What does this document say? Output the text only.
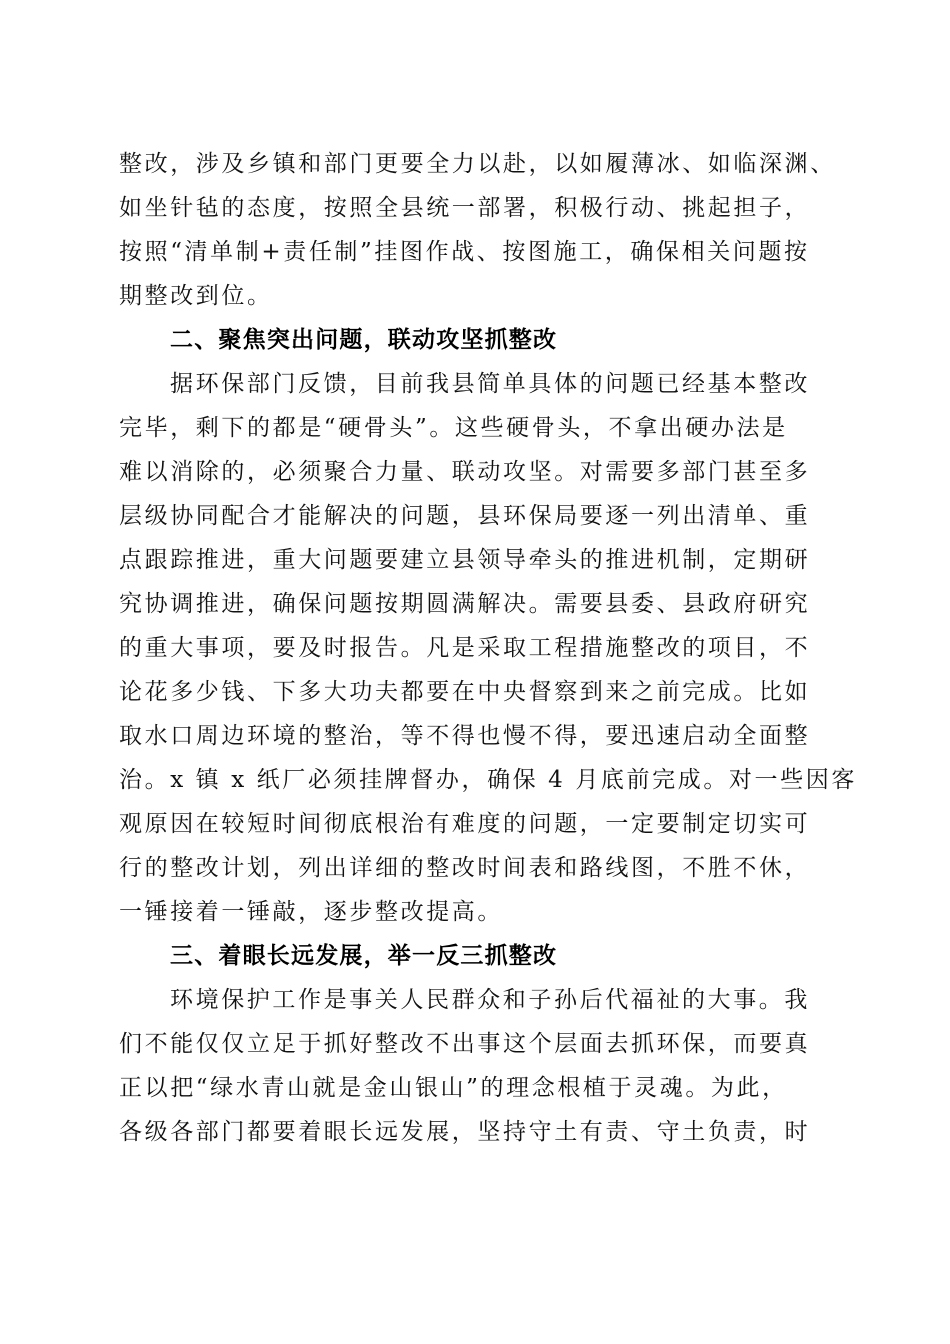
整改，涉及乡镇和部门更要全力以赴，以如履薄冰、如临深渊、
如坐针毡的态度，按照全县统一部署，积极行动、挑起担子，
按照“清单制+责任制”挂图作战、按图施工，确保相关问题按
期整改到位。
二、聚焦突出问题，联动攻坚抓整改
据环保部门反馈，目前我县简单具体的问题已经基本整改
完毕，剩下的都是“硬骨头”。这些硬骨头，不拿出硬办法是
难以消除的，必须聚合力量、联动攻坚。对需要多部门甚至多
层级协同配合才能解决的问题，县环保局要逐一列出清单、重
点跟踪推进，重大问题要建立县领导牵头的推进机制，定期研
究协调推进，确保问题按期圆满解决。需要县委、县政府研究
的重大事项，要及时报告。凡是采取工程措施整改的项目，不
论花多少钱、下多大功夫都要在中央督察到来之前完成。比如
取水口周边环境的整治，等不得也慢不得，要迅速启动全面整
治。x 镇 x 纸厂必须挂牌督办，确保 4 月底前完成。对一些因客
观原因在较短时间彻底根治有难度的问题，一定要制定切实可
行的整改计划，列出详细的整改时间表和路线图，不胜不休，
一锤接着一锤敲，逐步整改提高。
三、着眼长远发展，举一反三抓整改
环境保护工作是事关人民群众和子孙后代福祉的大事。我
们不能仅仅立足于抓好整改不出事这个层面去抓环保，而要真
正以把“绿水青山就是金山银山”的理念根植于灵魂。为此，
各级各部门都要着眼长远发展，坚持守土有责、守土负责，时
